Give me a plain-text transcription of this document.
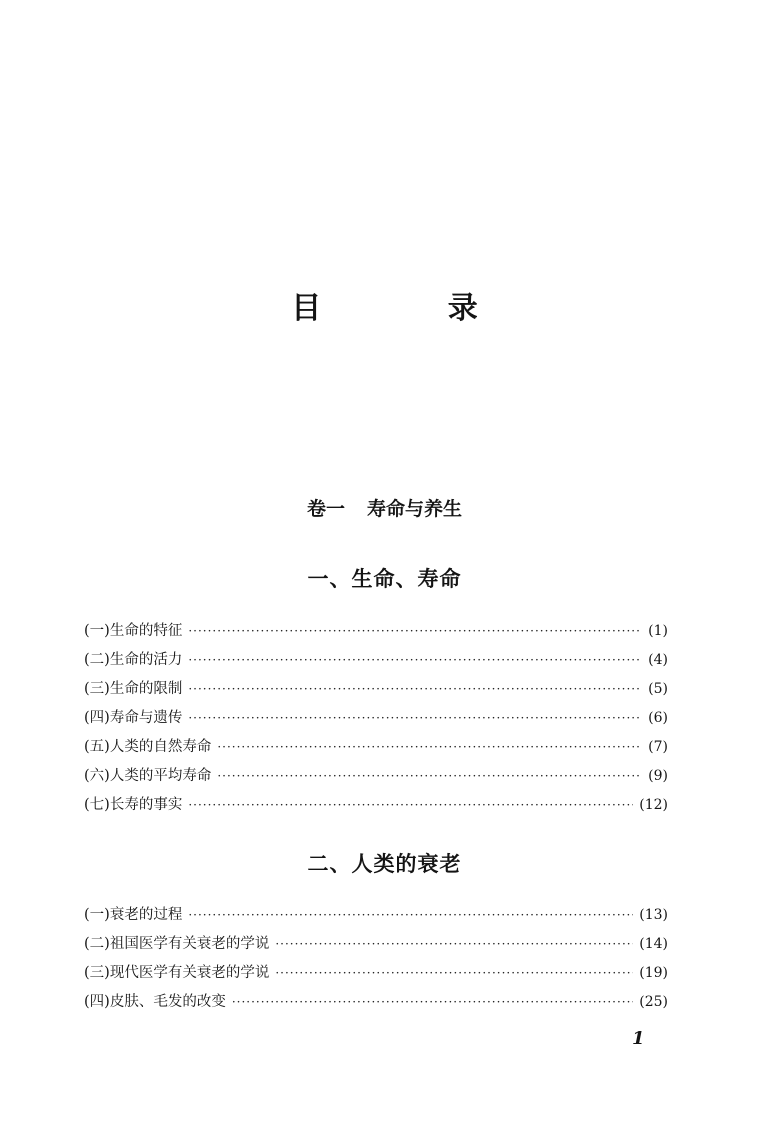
目 录
卷一 寿命与养生
一、生命、寿命
(一)生命的特征 ·····	(1)
(二)生命的活力 ·····	(4)
(三)生命的限制 ·····	(5)
(四)寿命与遗传 ·····	(6)
(五)人类的自然寿命 ·····	(7)
(六)人类的平均寿命 ·····	(9)
(七)长寿的事实 ·····	(12)
二、人类的衰老
(一)衰老的过程 ·····	(13)
(二)祖国医学有关衰老的学说 ·····	(14)
(三)现代医学有关衰老的学说 ·····	(19)
(四)皮肤、毛发的改变 ·····	(25)

1
